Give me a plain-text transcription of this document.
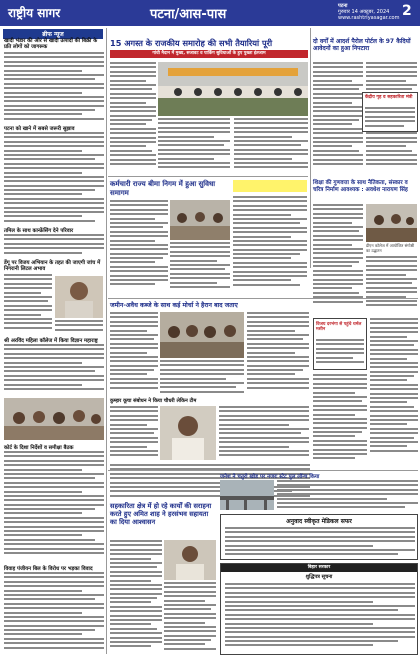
राष्ट्रीय सागर	पटना/आस-पास
पटना
गुरुवार 14 अक्टूबर, 2024
www.rashtriyasagar.com 2
ब्रीफ न्यूज
खादी भंडार की ओर से खादी उत्पादों की बिक्री के प्रति लोगों को जागरूक
पटना को खाने में सबसे जरूरी सुझाव
तमिल के साथ कान्फ्रेंसिंग देने परिवार
डेंगू पर विजय अभियान के तहत की जाएगी जांच में निगरानी लिटल अभाव
श्री अरविंद महिला कॉलेज में किया विज्ञान महाराष्ट्र
कोर्ट के दिशा निर्देशों व समीक्षा बैठक
विवाह पंजीयन बिल के विरोध पर भड़का विवाद
15 अगस्त के राजकीय समारोह की सभी तैयारियां पूरी
गांधी मैदान में मुख्य, सजावट व पार्किंग सुविधाओं के हुए पुख्ता इंतजाम
दो वर्गों में आदर्श पैरोल पोर्टल के 97 कैदियों आवेदनों का हुआ निपटारा
केंद्रीय गृह व सहकारिता मंत्री
कर्मचारी राज्य बीमा निगम में हुआ सुविधा समागम
शिक्षा की गुणवत्ता के साथ नैतिकता, संस्कार व चरित्र निर्माण आवश्यक : अवधेश नारायण सिंह
डीएन कॉलेज में आयोजित संगोष्ठी का उद्घाटन
जमीन-अवैध कब्जे के साथ कई मोर्चा ने हैरान बाद जताए
कुम्हार कूचा संबोधन ने किया चौधरी लेकिन टीम
विजय दरभंगा से पहुंचे थर्मल मशीन
जनेश ने चतुरो खोड पर नजरः स्टेट पुल लॉन्च किया
अनुवाद स्वीकृत मेडिकल सफर
बिहार सरकार
शुद्धिपत्र सूचना
सहकारिता क्षेत्र में हो रहे कार्यों की सराहना करते हुए अमित शाह ने हरसंभव सहायता का दिया आश्वासन
